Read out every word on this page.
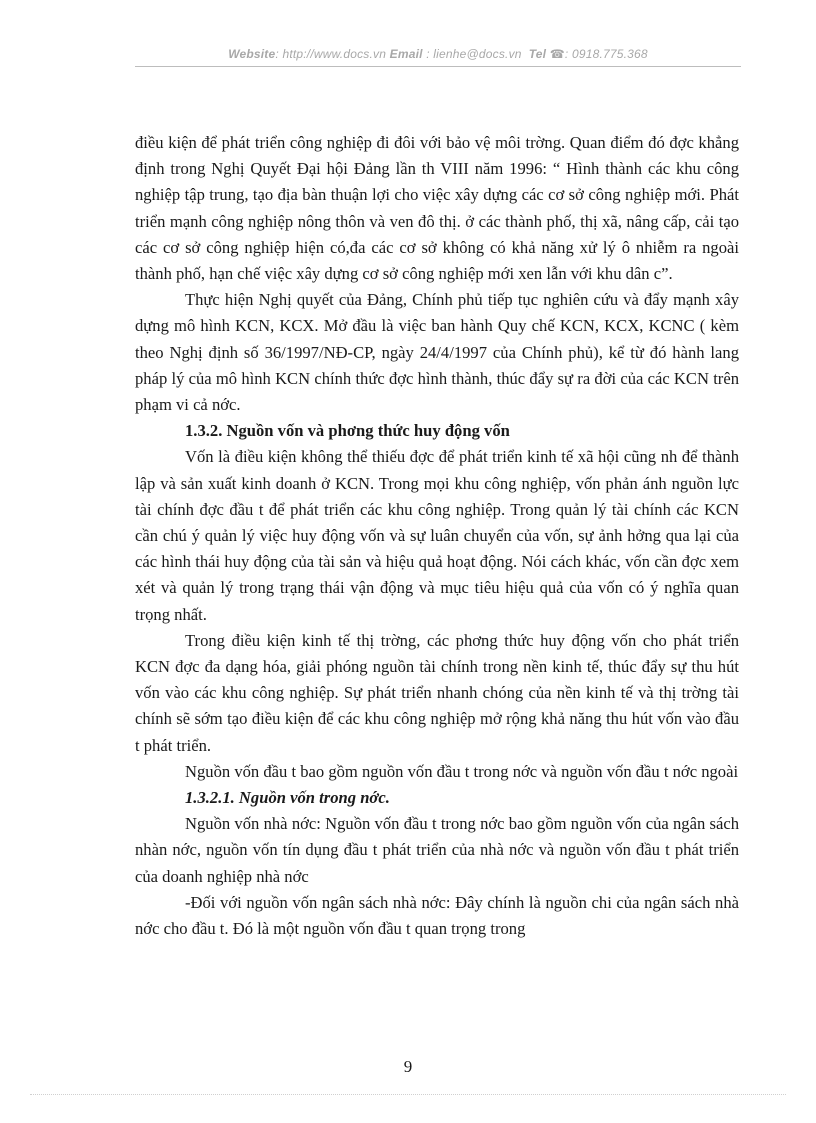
Website: http://www.docs.vn Email : lienhe@docs.vn Tel ☎: 0918.775.368

điều kiện để phát triển công nghiệp đi đôi với bảo vệ môi trờng. Quan điểm đó đợc khẳng định trong Nghị Quyết Đại hội Đảng lần th VIII năm 1996: “ Hình thành các khu công nghiệp tập trung, tạo địa bàn thuận lợi cho việc xây dựng các cơ sở công nghiệp mới. Phát triển mạnh công nghiệp nông thôn và ven đô thị. ở các thành phố, thị xã, nâng cấp, cải tạo các cơ sở công nghiệp hiện có,đa các cơ sở không có khả năng xử lý ô nhiễm ra ngoài thành phố, hạn chế việc xây dựng cơ sở công nghiệp mới xen lẫn với khu dân c”.

Thực hiện Nghị quyết của Đảng, Chính phủ tiếp tục nghiên cứu và đẩy mạnh xây dựng mô hình KCN, KCX. Mở đầu là việc ban hành Quy chế KCN, KCX, KCNC ( kèm theo Nghị định số 36/1997/NĐ-CP, ngày 24/4/1997 của Chính phủ), kể từ đó hành lang pháp lý của mô hình KCN chính thức đợc hình thành, thúc đẩy sự ra đời của các KCN trên phạm vi cả nớc.

1.3.2. Nguồn vốn và phơng thức huy động vốn

Vốn là điều kiện không thể thiếu đợc để phát triển kinh tế xã hội cũng nh để thành lập và sản xuất kinh doanh ở KCN. Trong mọi khu công nghiệp, vốn phản ánh nguồn lực tài chính đợc đầu t để phát triển các khu công nghiệp. Trong quản lý tài chính các KCN cần chú ý quản lý việc huy động vốn và sự luân chuyển của vốn, sự ảnh hởng qua lại của các hình thái huy động của tài sản và hiệu quả hoạt động. Nói cách khác, vốn cần đợc xem xét và quản lý trong trạng thái vận động và mục tiêu hiệu quả của vốn có ý nghĩa quan trọng nhất.

Trong điều kiện kinh tế thị trờng, các phơng thức huy động vốn cho phát triển KCN đợc đa dạng hóa, giải phóng nguồn tài chính trong nền kinh tế, thúc đẩy sự thu hút vốn vào các khu công nghiệp. Sự phát triển nhanh chóng của nền kinh tế và thị trờng tài chính sẽ sớm tạo điều kiện để các khu công nghiệp mở rộng khả năng thu hút vốn vào đầu t phát triển.

Nguồn vốn đầu t bao gồm nguồn vốn đầu t trong nớc và nguồn vốn đầu t nớc ngoài

1.3.2.1. Nguồn vốn trong nớc.

Nguồn vốn nhà nớc: Nguồn vốn đầu t trong nớc bao gồm nguồn vốn của ngân sách nhàn nớc, nguồn vốn tín dụng đầu t phát triển của nhà nớc và nguồn vốn đầu t phát triển của doanh nghiệp nhà nớc

-Đối với nguồn vốn ngân sách nhà nớc: Đây chính là nguồn chi của ngân sách nhà nớc cho đầu t. Đó là một nguồn vốn đầu t quan trọng trong

9
